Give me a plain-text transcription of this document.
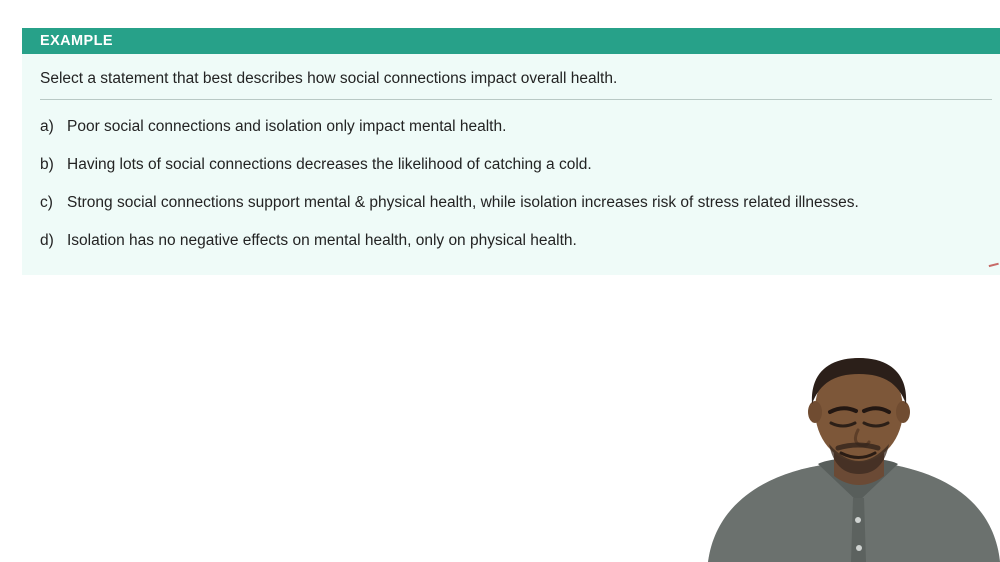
EXAMPLE
Select a statement that best describes how social connections impact overall health.
a) Poor social connections and isolation only impact mental health.
b) Having lots of social connections decreases the likelihood of catching a cold.
c) Strong social connections support mental & physical health, while isolation increases risk of stress related illnesses.
d) Isolation has no negative effects on mental health, only on physical health.
